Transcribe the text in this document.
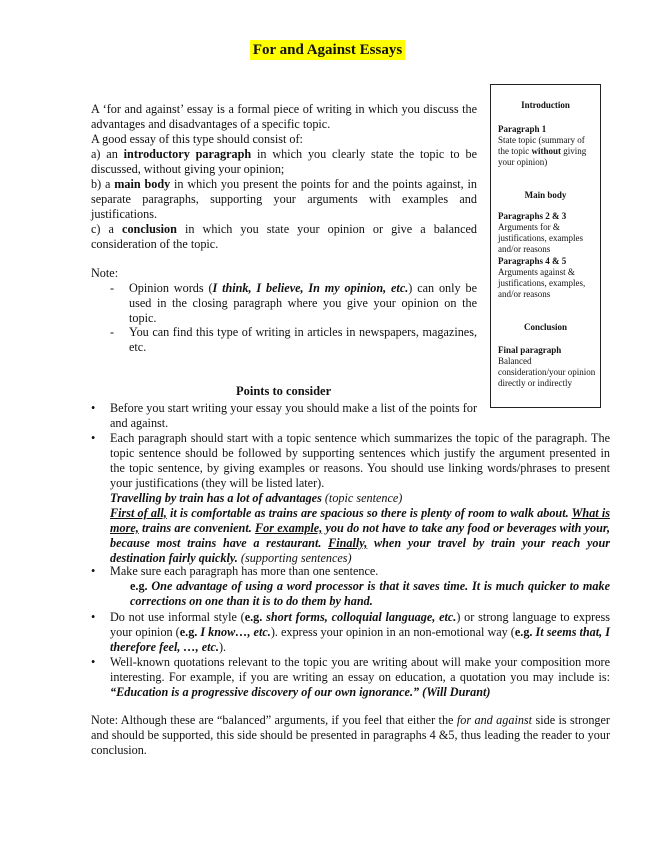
For and Against Essays
A ‘for and against’ essay is a formal piece of writing in which you discuss the advantages and disadvantages of a specific topic.
A good essay of this type should consist of:
a) an introductory paragraph in which you clearly state the topic to be discussed, without giving your opinion;
b) a main body in which you present the points for and the points against, in separate paragraphs, supporting your arguments with examples and justifications.
c) a conclusion in which you state your opinion or give a balanced consideration of the topic.
Note:
- Opinion words (I think, I believe, In my opinion, etc.) can only be used in the closing paragraph where you give your opinion on the topic.
- You can find this type of writing in articles in newspapers, magazines, etc.
Introduction
Paragraph 1
State topic (summary of the topic without giving your opinion)
Main body
Paragraphs 2 & 3
Arguments for & justifications, examples and/or reasons
Paragraphs 4 & 5
Arguments against & justifications, examples, and/or reasons
Conclusion
Final paragraph
Balanced consideration/your opinion directly or indirectly
Points to consider
• Before you start writing your essay you should make a list of the points for and against.
• Each paragraph should start with a topic sentence which summarizes the topic of the paragraph. The topic sentence should be followed by supporting sentences which justify the argument presented in the topic sentence, by giving examples or reasons. You should use linking words/phrases to present your justifications (they will be listed later).
Travelling by train has a lot of advantages (topic sentence)
First of all, it is comfortable as trains are spacious so there is plenty of room to walk about. What is more, trains are convenient. For example, you do not have to take any food or beverages with your, because most trains have a restaurant. Finally, when your travel by train your reach your destination fairly quickly. (supporting sentences)
• Make sure each paragraph has more than one sentence.
e.g. One advantage of using a word processor is that it saves time. It is much quicker to make corrections on one than it is to do them by hand.
• Do not use informal style (e.g. short forms, colloquial language, etc.) or strong language to express your opinion (e.g. I know…, etc.). express your opinion in an non-emotional way (e.g. It seems that, I therefore feel, …, etc.).
• Well-known quotations relevant to the topic you are writing about will make your composition more interesting. For example, if you are writing an essay on education, a quotation you may include is: “Education is a progressive discovery of our own ignorance.” (Will Durant)
Note: Although these are “balanced” arguments, if you feel that either the for and against side is stronger and should be supported, this side should be presented in paragraphs 4 &5, thus leading the reader to your conclusion.
